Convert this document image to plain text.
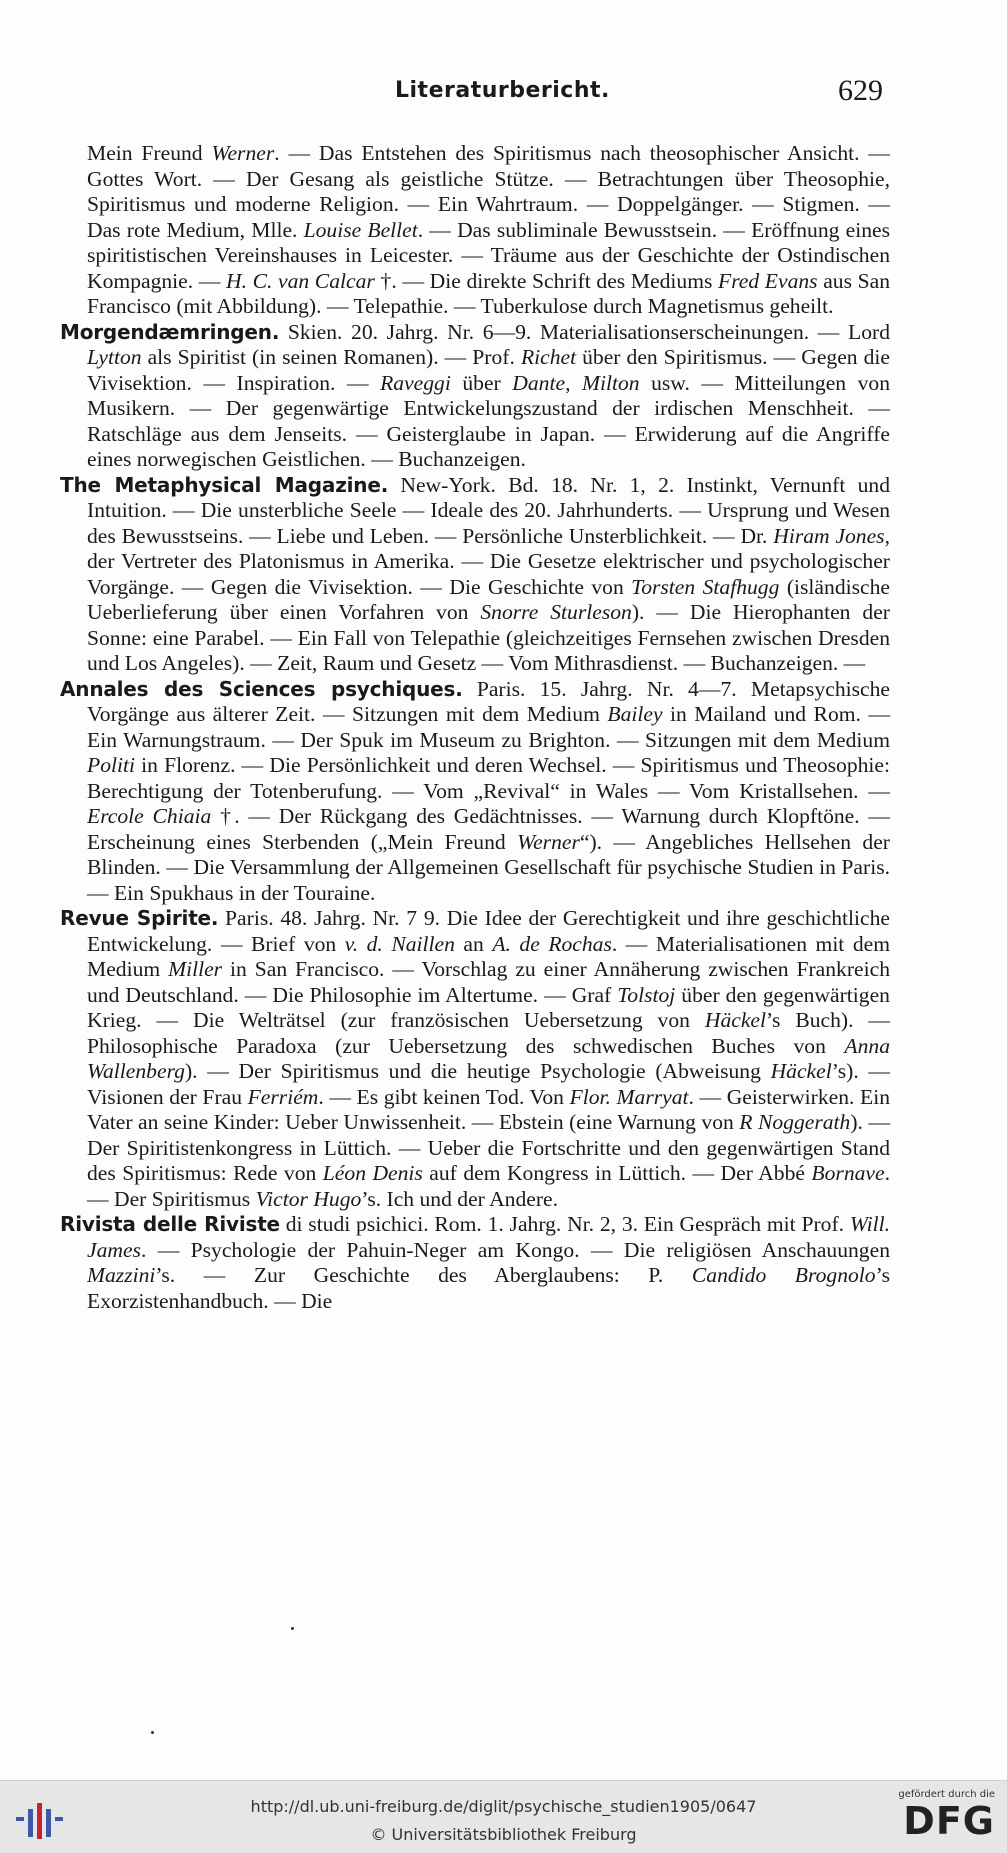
Literaturbericht.	629

Mein Freund Werner. — Das Entstehen des Spiritismus nach theosophischer Ansicht. — Gottes Wort. — Der Gesang als geistliche Stütze. — Betrachtungen über Theosophie, Spiritismus und moderne Religion. — Ein Wahrtraum. — Doppelgänger. — Stigmen. — Das rote Medium, Mlle. Louise Bellet. — Das subliminale Bewusstsein. — Eröffnung eines spiritistischen Vereinshauses in Leicester. — Träume aus der Geschichte der Ostindischen Kompagnie. — H. C. van Calcar †. — Die direkte Schrift des Mediums Fred Evans aus San Francisco (mit Abbildung). — Telepathie. — Tuberkulose durch Magnetismus geheilt.

Morgendæmringen. Skien. 20. Jahrg. Nr. 6—9. Materialisationserscheinungen. — Lord Lytton als Spiritist (in seinen Romanen). — Prof. Richet über den Spiritismus. — Gegen die Vivisektion. — Inspiration. — Raveggi über Dante, Milton usw. — Mitteilungen von Musikern. — Der gegenwärtige Entwickelungszustand der irdischen Menschheit. — Ratschläge aus dem Jenseits. — Geisterglaube in Japan. — Erwiderung auf die Angriffe eines norwegischen Geistlichen. — Buchanzeigen.

The Metaphysical Magazine. New-York. Bd. 18. Nr. 1, 2. Instinkt, Vernunft und Intuition. — Die unsterbliche Seele — Ideale des 20. Jahrhunderts. — Ursprung und Wesen des Bewusstseins. — Liebe und Leben. — Persönliche Unsterblichkeit. — Dr. Hiram Jones, der Vertreter des Platonismus in Amerika. — Die Gesetze elektrischer und psychologischer Vorgänge. — Gegen die Vivisektion. — Die Geschichte von Torsten Stafhugg (isländische Ueberlieferung über einen Vorfahren von Snorre Sturleson). — Die Hierophanten der Sonne: eine Parabel. — Ein Fall von Telepathie (gleichzeitiges Fernsehen zwischen Dresden und Los Angeles). — Zeit, Raum und Gesetz — Vom Mithrasdienst. — Buchanzeigen. —

Annales des Sciences psychiques. Paris. 15. Jahrg. Nr. 4—7. Metapsychische Vorgänge aus älterer Zeit. — Sitzungen mit dem Medium Bailey in Mailand und Rom. — Ein Warnungstraum. — Der Spuk im Museum zu Brighton. — Sitzungen mit dem Medium Politi in Florenz. — Die Persönlichkeit und deren Wechsel. — Spiritismus und Theosophie: Berechtigung der Totenberufung. — Vom „Revival“ in Wales — Vom Kristallsehen. — Ercole Chiaia †. — Der Rückgang des Gedächtnisses. — Warnung durch Klopftöne. — Erscheinung eines Sterbenden („Mein Freund Werner“). — Angebliches Hellsehen der Blinden. — Die Versammlung der Allgemeinen Gesellschaft für psychische Studien in Paris. — Ein Spukhaus in der Touraine.

Revue Spirite. Paris. 48. Jahrg. Nr. 7 9. Die Idee der Gerechtigkeit und ihre geschichtliche Entwickelung. — Brief von v. d. Naillen an A. de Rochas. — Materialisationen mit dem Medium Miller in San Francisco. — Vorschlag zu einer Annäherung zwischen Frankreich und Deutschland. — Die Philosophie im Altertume. — Graf Tolstoj über den gegenwärtigen Krieg. — Die Welträtsel (zur französischen Uebersetzung von Häckel’s Buch). — Philosophische Paradoxa (zur Uebersetzung des schwedischen Buches von Anna Wallenberg). — Der Spiritismus und die heutige Psychologie (Abweisung Häckel’s). — Visionen der Frau Ferriém. — Es gibt keinen Tod. Von Flor. Marryat. — Geisterwirken. Ein Vater an seine Kinder: Ueber Unwissenheit. — Ebstein (eine Warnung von R Noggerath). — Der Spiritistenkongress in Lüttich. — Ueber die Fortschritte und den gegenwärtigen Stand des Spiritismus: Rede von Léon Denis auf dem Kongress in Lüttich. — Der Abbé Bornave. — Der Spiritismus Victor Hugo’s. Ich und der Andere.

Rivista delle Riviste di studi psichici. Rom. 1. Jahrg. Nr. 2, 3. Ein Gespräch mit Prof. Will. James. — Psychologie der Pahuin-Neger am Kongo. — Die religiösen Anschauungen Mazzini’s. — Zur Geschichte des Aberglaubens: P. Candido Brognolo’s Exorzistenhandbuch. — Die

http://dl.ub.uni-freiburg.de/diglit/psychische_studien1905/0647
© Universitätsbibliothek Freiburg
gefördert durch die
DFG
